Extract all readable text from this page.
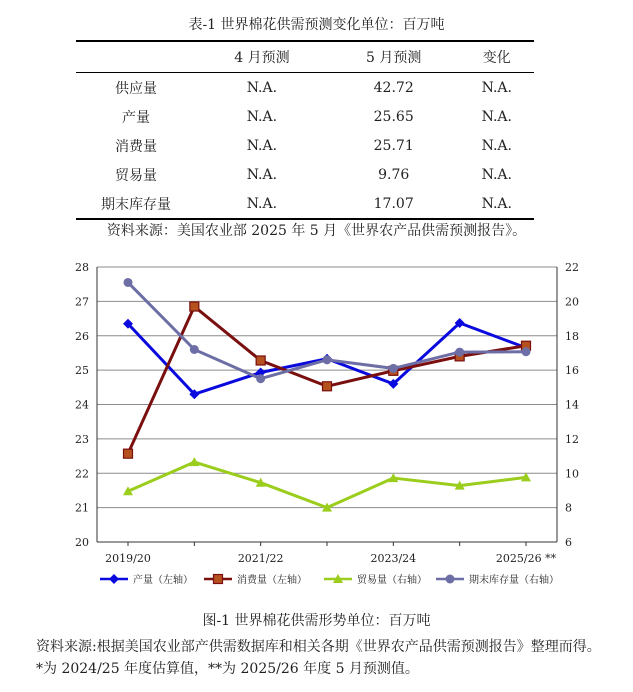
表-1 世界棉花供需预测变化单位：百万吨
	4 月预测	5 月预测	变化
供应量	N.A.	42.72	N.A.
产量	N.A.	25.65	N.A.
消费量	N.A.	25.71	N.A.
贸易量	N.A.	9.76	N.A.
期末库存量	N.A.	17.07	N.A.
资料来源：美国农业部 2025 年 5 月《世界农产品供需预测报告》。
20
21
22
23
24
25
26
27
28
6
8
10
12
14
16
18
20
22
2019/20	2021/22	2023/24	2025/26 **
产量（左轴）	消费量（左轴）	贸易量（右轴）	期末库存量（右轴）
图-1 世界棉花供需形势单位：百万吨
资料来源:根据美国农业部产供需数据库和相关各期《世界农产品供需预测报告》整理而得。*为 2024/25 年度估算值，**为 2025/26 年度 5 月预测值。
